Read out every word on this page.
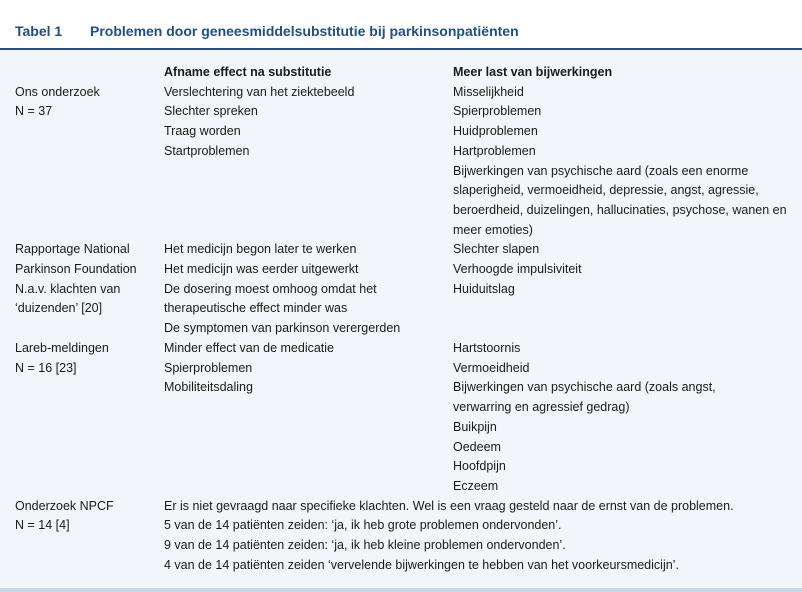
Tabel 1 Problemen door geneesmiddelsubstitutie bij parkinsonpatiënten
Afname effect na substitutie	Meer last van bijwerkingen
Ons onderzoek
N = 37
Verslechtering van het ziektebeeld
Slechter spreken
Traag worden
Startproblemen
Misselijkheid
Spierproblemen
Huidproblemen
Hartproblemen
Bijwerkingen van psychische aard (zoals een enorme slaperigheid, vermoeidheid, depressie, angst, agressie, beroerdheid, duizelingen, hallucinaties, psychose, wanen en meer emoties)
Rapportage National
Parkinson Foundation
N.a.v. klachten van
‘duizenden’ [20]
Het medicijn begon later te werken
Het medicijn was eerder uitgewerkt
De dosering moest omhoog omdat het therapeutische effect minder was
De symptomen van parkinson verergerden
Slechter slapen
Verhoogde impulsiviteit
Huiduitslag
Lareb-meldingen
N = 16 [23]
Minder effect van de medicatie
Spierproblemen
Mobiliteitsdaling
Hartstoornis
Vermoeidheid
Bijwerkingen van psychische aard (zoals angst, verwarring en agressief gedrag)
Buikpijn
Oedeem
Hoofdpijn
Eczeem
Onderzoek NPCF
N = 14 [4]
Er is niet gevraagd naar specifieke klachten. Wel is een vraag gesteld naar de ernst van de problemen.
5 van de 14 patiënten zeiden: ‘ja, ik heb grote problemen ondervonden’.
9 van de 14 patiënten zeiden: ‘ja, ik heb kleine problemen ondervonden’.
4 van de 14 patiënten zeiden ‘vervelende bijwerkingen te hebben van het voorkeursmedicijn’.
